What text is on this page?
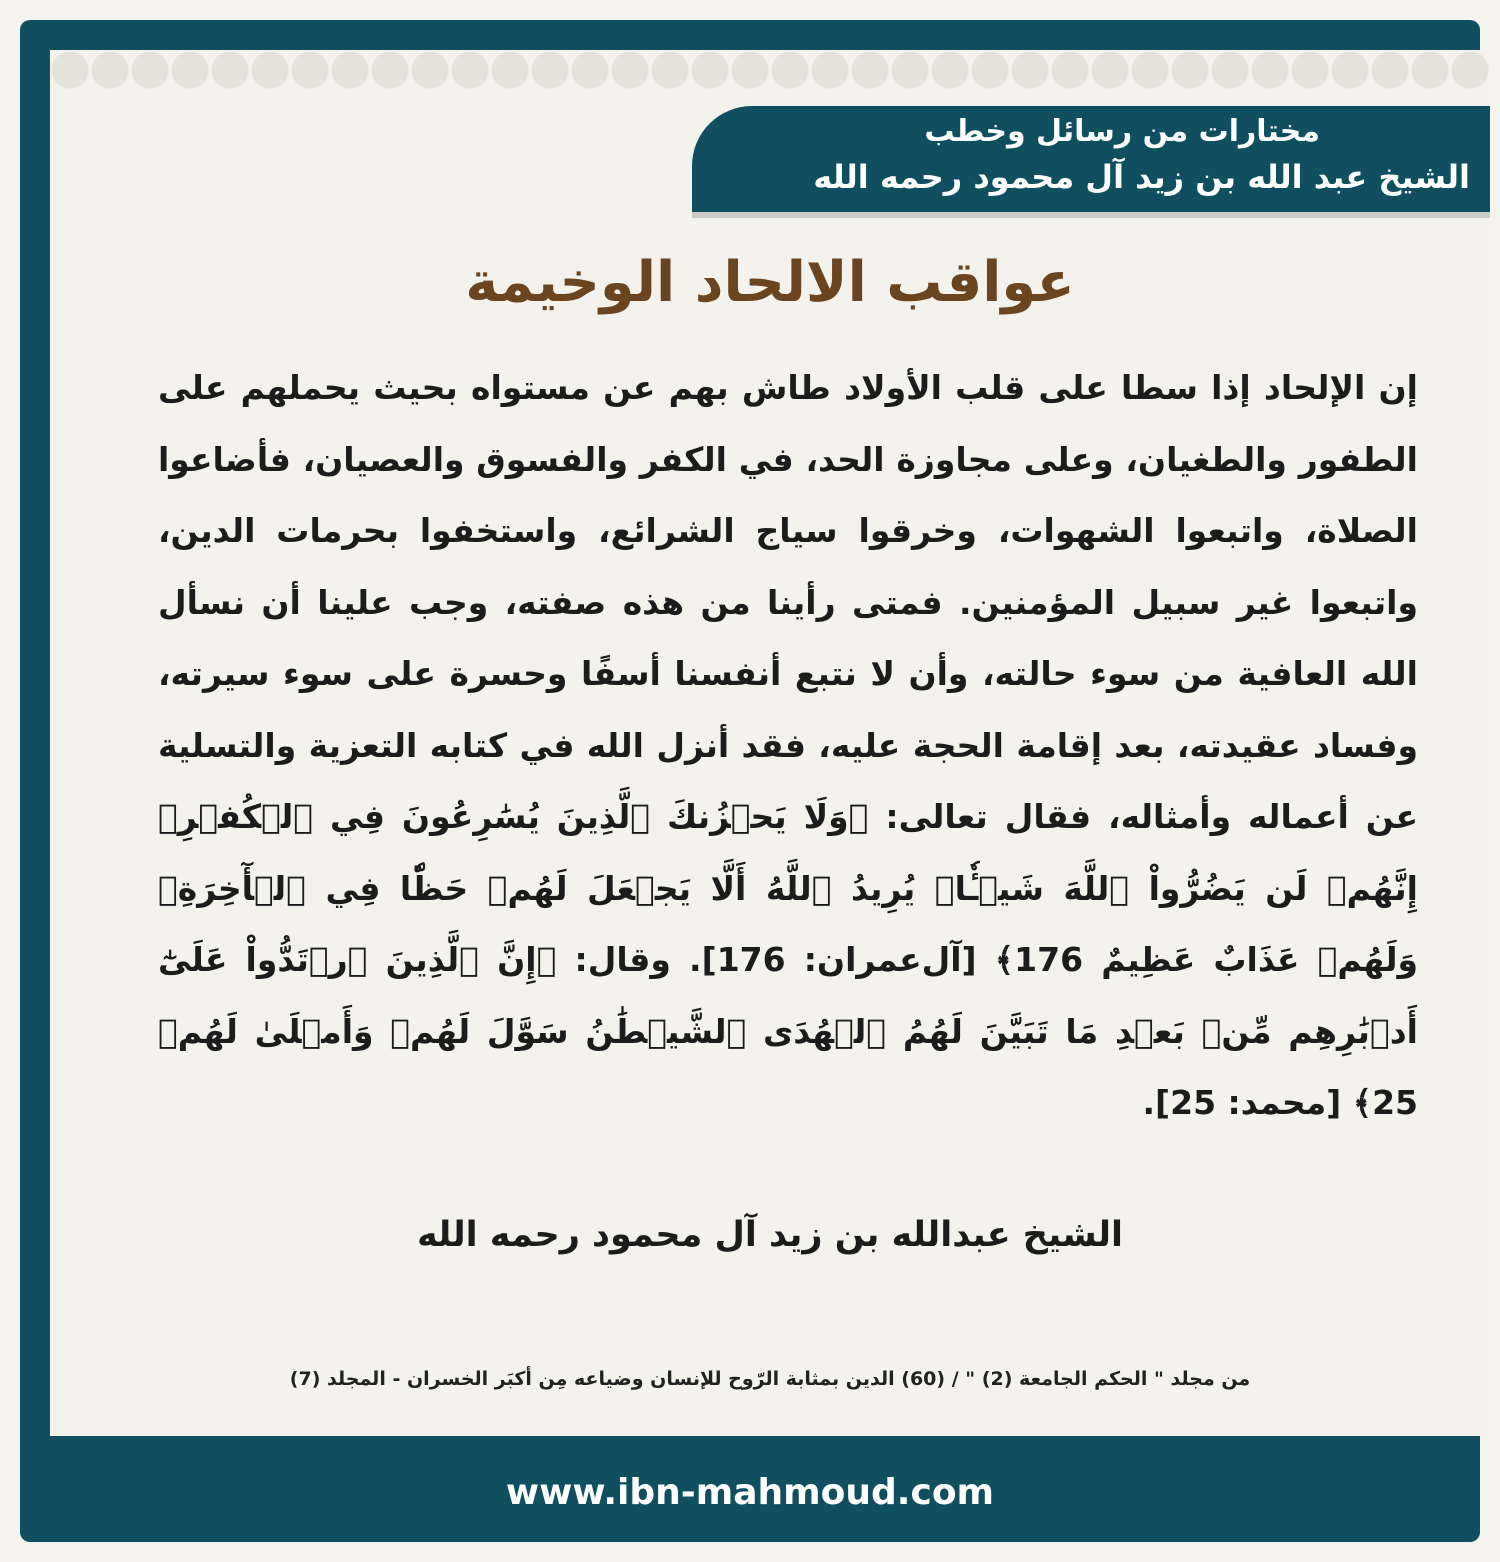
مختارات من رسائل وخطب
الشيخ عبد الله بن زيد آل محمود رحمه الله
عواقب الالحاد الوخيمة
إن الإلحاد إذا سطا على قلب الأولاد طاش بهم عن مستواه بحيث يحملهم على الطفور والطغيان، وعلى مجاوزة الحد، في الكفر والفسوق والعصيان، فأضاعوا الصلاة، واتبعوا الشهوات، وخرقوا سياج الشرائع، واستخفوا بحرمات الدين، واتبعوا غير سبيل المؤمنين. فمتى رأينا من هذه صفته، وجب علينا أن نسأل الله العافية من سوء حالته، وأن لا نتبع أنفسنا أسفًا وحسرة على سوء سيرته، وفساد عقيدته، بعد إقامة الحجة عليه، فقد أنزل الله في كتابه التعزية والتسلية عن أعماله وأمثاله، فقال تعالى: ﴿وَلَا يَحۡزُنكَ ٱلَّذِينَ يُسَٰرِعُونَ فِي ٱلۡكُفۡرِۚ إِنَّهُمۡ لَن يَضُرُّواْ ٱللَّهَ شَيۡـٔٗاۗ يُرِيدُ ٱللَّهُ أَلَّا يَجۡعَلَ لَهُمۡ حَظّٗا فِي ٱلۡأٓخِرَةِۖ وَلَهُمۡ عَذَابٌ عَظِيمٌ 176﴾ [آل‌عمران: 176]. وقال: ﴿إِنَّ ٱلَّذِينَ ٱرۡتَدُّواْ عَلَىٰٓ أَدۡبَٰرِهِم مِّنۢ بَعۡدِ مَا تَبَيَّنَ لَهُمُ ٱلۡهُدَى ٱلشَّيۡطَٰنُ سَوَّلَ لَهُمۡ وَأَمۡلَىٰ لَهُمۡ 25﴾ [محمد: 25].
الشيخ عبدالله بن زيد آل محمود رحمه الله
من مجلد " الحكم الجامعة (2) " / (60) الدين بمثابة الرّوح للإنسان وضياعه مِن أكبَر الخسران - المجلد (7)
www.ibn-mahmoud.com
